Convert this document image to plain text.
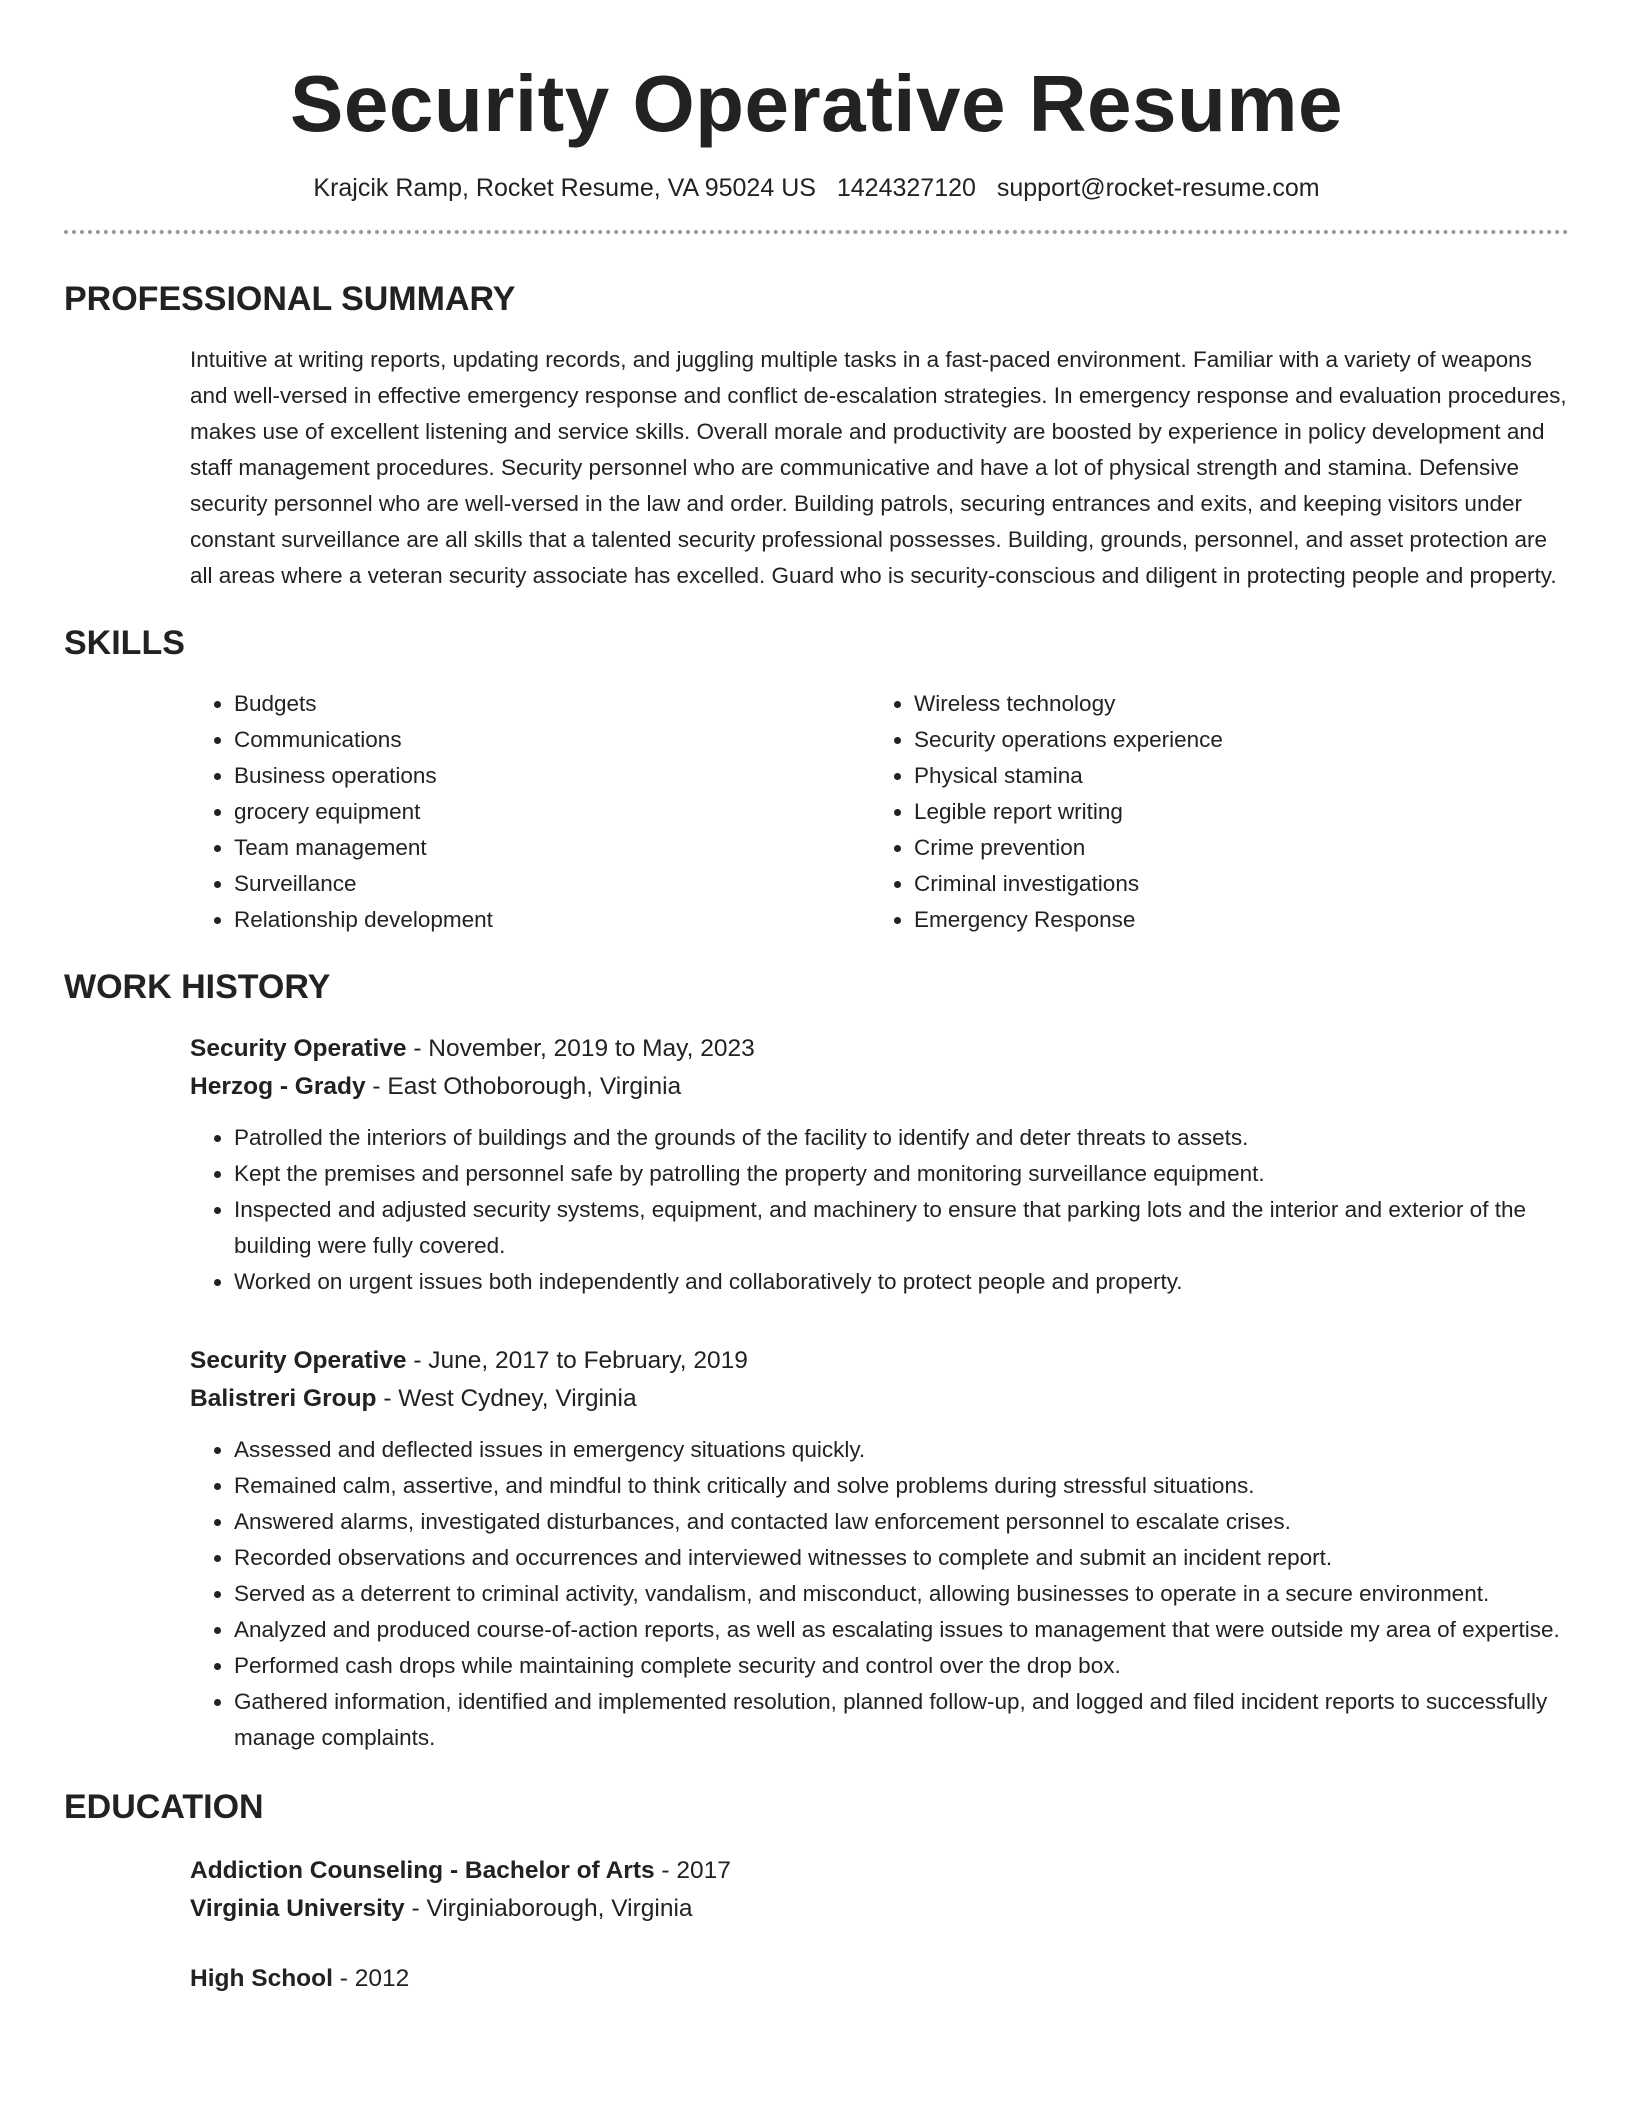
Security Operative Resume
Krajcik Ramp, Rocket Resume, VA 95024 US 1424327120 support@rocket-resume.com
PROFESSIONAL SUMMARY
Intuitive at writing reports, updating records, and juggling multiple tasks in a fast-paced environment. Familiar with a variety of weapons and well-versed in effective emergency response and conflict de-escalation strategies. In emergency response and evaluation procedures, makes use of excellent listening and service skills. Overall morale and productivity are boosted by experience in policy development and staff management procedures. Security personnel who are communicative and have a lot of physical strength and stamina. Defensive security personnel who are well-versed in the law and order. Building patrols, securing entrances and exits, and keeping visitors under constant surveillance are all skills that a talented security professional possesses. Building, grounds, personnel, and asset protection are all areas where a veteran security associate has excelled. Guard who is security-conscious and diligent in protecting people and property.
SKILLS
• Budgets
• Communications
• Business operations
• grocery equipment
• Team management
• Surveillance
• Relationship development
• Wireless technology
• Security operations experience
• Physical stamina
• Legible report writing
• Crime prevention
• Criminal investigations
• Emergency Response
WORK HISTORY
Security Operative - November, 2019 to May, 2023
Herzog - Grady - East Othoborough, Virginia
• Patrolled the interiors of buildings and the grounds of the facility to identify and deter threats to assets.
• Kept the premises and personnel safe by patrolling the property and monitoring surveillance equipment.
• Inspected and adjusted security systems, equipment, and machinery to ensure that parking lots and the interior and exterior of the building were fully covered.
• Worked on urgent issues both independently and collaboratively to protect people and property.
Security Operative - June, 2017 to February, 2019
Balistreri Group - West Cydney, Virginia
• Assessed and deflected issues in emergency situations quickly.
• Remained calm, assertive, and mindful to think critically and solve problems during stressful situations.
• Answered alarms, investigated disturbances, and contacted law enforcement personnel to escalate crises.
• Recorded observations and occurrences and interviewed witnesses to complete and submit an incident report.
• Served as a deterrent to criminal activity, vandalism, and misconduct, allowing businesses to operate in a secure environment.
• Analyzed and produced course-of-action reports, as well as escalating issues to management that were outside my area of expertise.
• Performed cash drops while maintaining complete security and control over the drop box.
• Gathered information, identified and implemented resolution, planned follow-up, and logged and filed incident reports to successfully manage complaints.
EDUCATION
Addiction Counseling - Bachelor of Arts - 2017
Virginia University - Virginiaborough, Virginia
High School - 2012
